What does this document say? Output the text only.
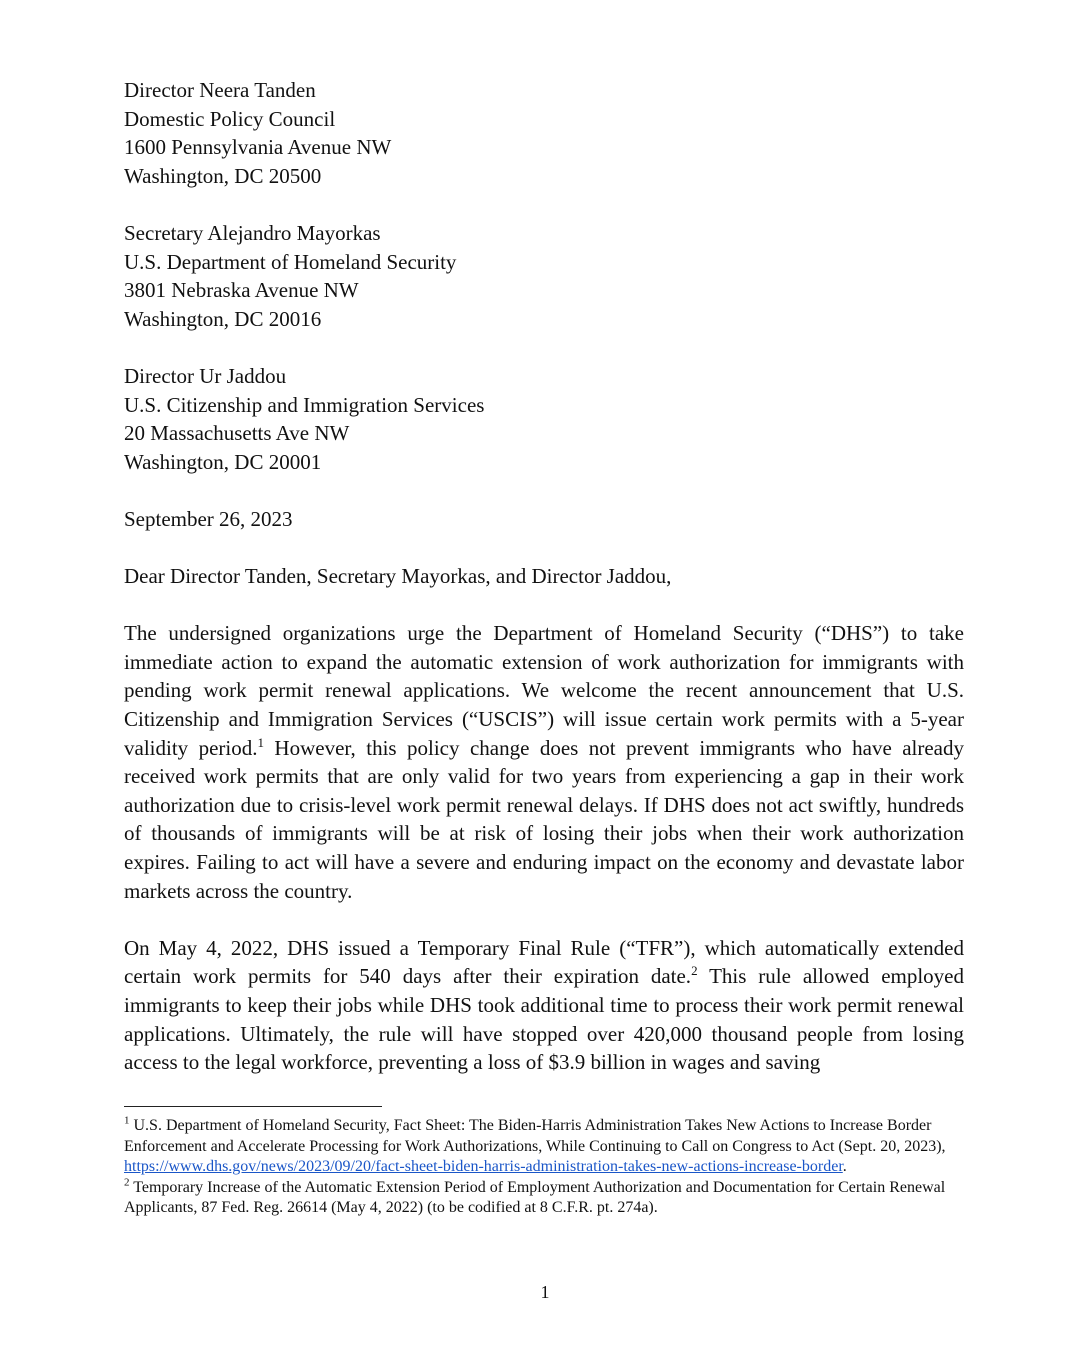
Director Neera Tanden
Domestic Policy Council
1600 Pennsylvania Avenue NW
Washington, DC 20500
Secretary Alejandro Mayorkas
U.S. Department of Homeland Security
3801 Nebraska Avenue NW
Washington, DC 20016
Director Ur Jaddou
U.S. Citizenship and Immigration Services
20 Massachusetts Ave NW
Washington, DC 20001
September 26, 2023
Dear Director Tanden, Secretary Mayorkas, and Director Jaddou,

The undersigned organizations urge the Department of Homeland Security (“DHS”) to take immediate action to expand the automatic extension of work authorization for immigrants with pending work permit renewal applications. We welcome the recent announcement that U.S. Citizenship and Immigration Services (“USCIS”) will issue certain work permits with a 5-year validity period.$^1$ However, this policy change does not prevent immigrants who have already received work permits that are only valid for two years from experiencing a gap in their work authorization due to crisis-level work permit renewal delays. If DHS does not act swiftly, hundreds of thousands of immigrants will be at risk of losing their jobs when their work authorization expires. Failing to act will have a severe and enduring impact on the economy and devastate labor markets across the country.

On May 4, 2022, DHS issued a Temporary Final Rule (“TFR”), which automatically extended certain work permits for 540 days after their expiration date.$^2$ This rule allowed employed immigrants to keep their jobs while DHS took additional time to process their work permit renewal applications. Ultimately, the rule will have stopped over 420,000 thousand people from losing access to the legal workforce, preventing a loss of $3.9 billion in wages and saving

$^1$ U.S. Department of Homeland Security, Fact Sheet: The Biden-Harris Administration Takes New Actions to Increase Border Enforcement and Accelerate Processing for Work Authorizations, While Continuing to Call on Congress to Act (Sept. 20, 2023),
https://www.dhs.gov/news/2023/09/20/fact-sheet-biden-harris-administration-takes-new-actions-increase-border.

$^2$ Temporary Increase of the Automatic Extension Period of Employment Authorization and Documentation for Certain Renewal Applicants, 87 Fed. Reg. 26614 (May 4, 2022) (to be codified at 8 C.F.R. pt. 274a).

1
